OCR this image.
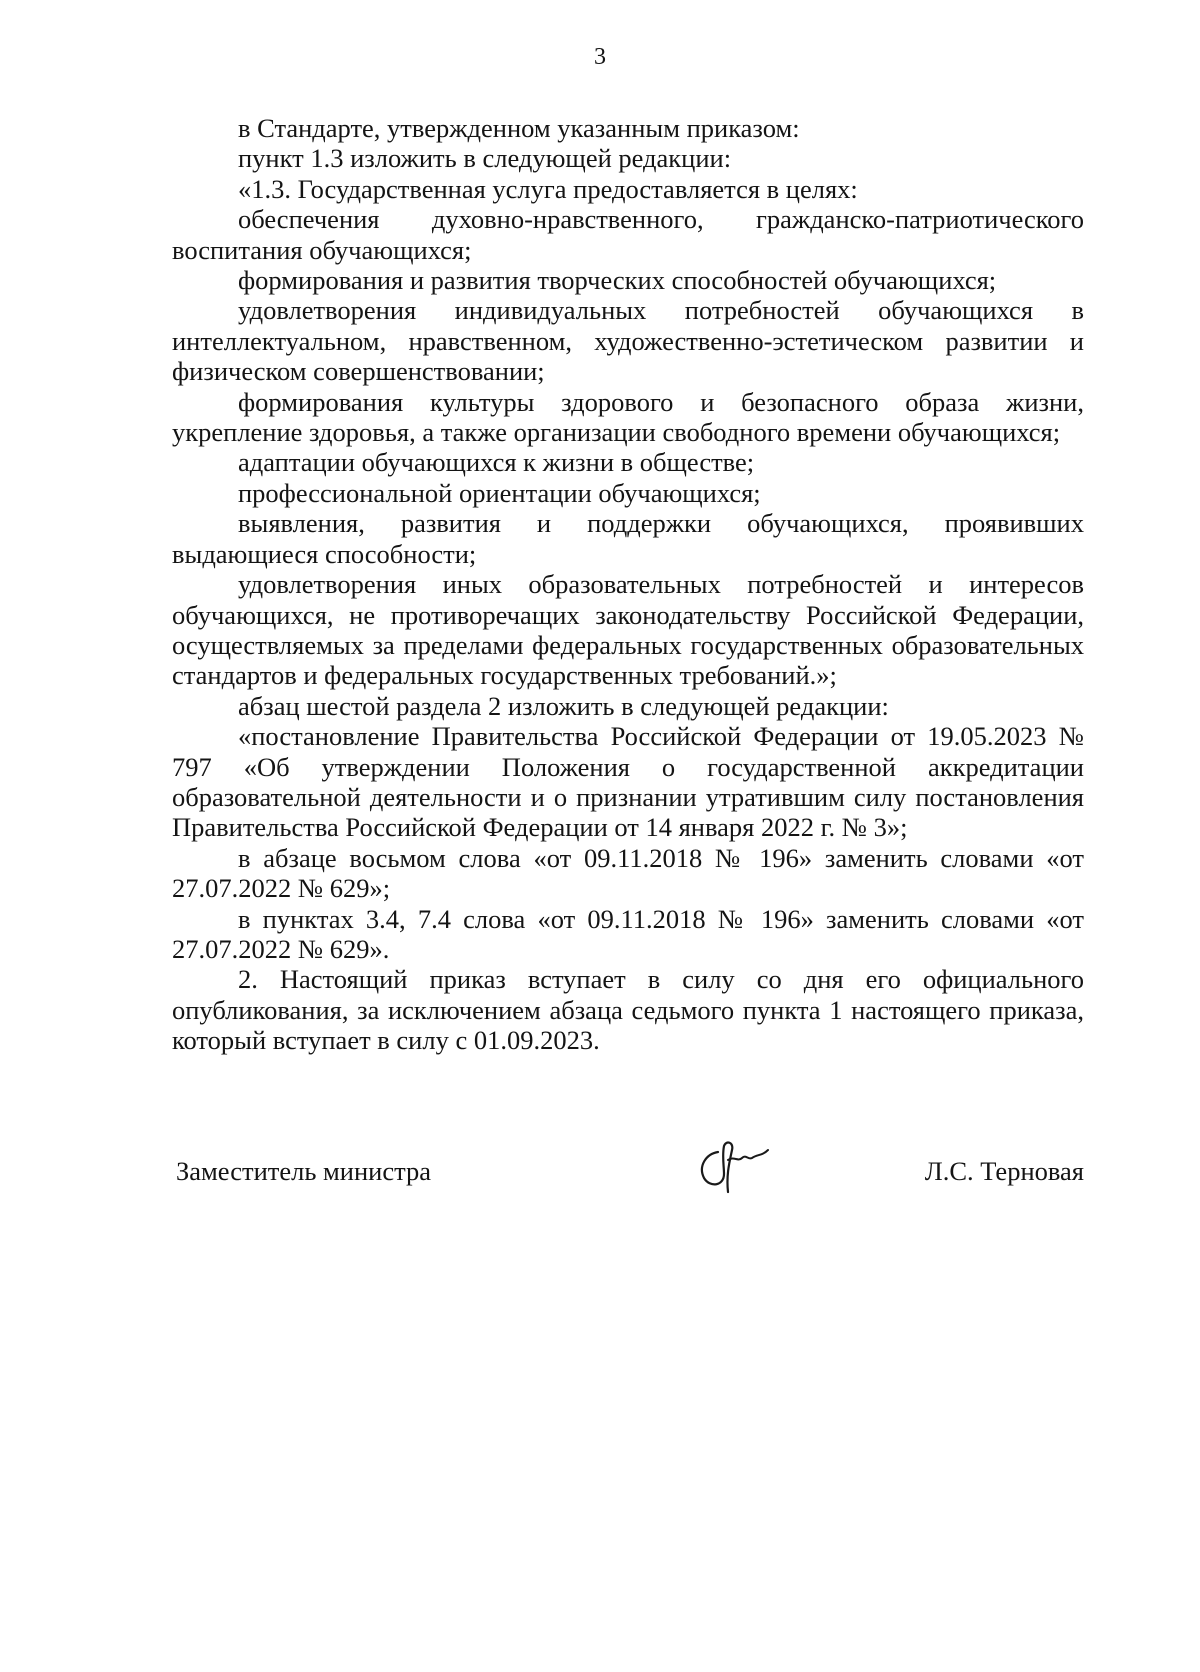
3

в Стандарте, утвержденном указанным приказом:

пункт 1.3 изложить в следующей редакции:

«1.3. Государственная услуга предоставляется в целях:

обеспечения духовно-нравственного, гражданско-патриотического воспитания обучающихся;

формирования и развития творческих способностей обучающихся;

удовлетворения индивидуальных потребностей обучающихся в интеллектуальном, нравственном, художественно-эстетическом развитии и физическом совершенствовании;

формирования культуры здорового и безопасного образа жизни, укрепление здоровья, а также организации свободного времени обучающихся;

адаптации обучающихся к жизни в обществе;

профессиональной ориентации обучающихся;

выявления, развития и поддержки обучающихся, проявивших выдающиеся способности;

удовлетворения иных образовательных потребностей и интересов обучающихся, не противоречащих законодательству Российской Федерации, осуществляемых за пределами федеральных государственных образовательных стандартов и федеральных государственных требований.»;

абзац шестой раздела 2 изложить в следующей редакции:

«постановление Правительства Российской Федерации от 19.05.2023 № 797 «Об утверждении Положения о государственной аккредитации образовательной деятельности и о признании утратившим силу постановления Правительства Российской Федерации от 14 января 2022 г. № 3»;

в абзаце восьмом слова «от 09.11.2018 № 196» заменить словами «от 27.07.2022 № 629»;

в пунктах 3.4, 7.4 слова «от 09.11.2018 № 196» заменить словами «от 27.07.2022 № 629».

2. Настоящий приказ вступает в силу со дня его официального опубликования, за исключением абзаца седьмого пункта 1 настоящего приказа, который вступает в силу с 01.09.2023.

Заместитель министра	Л.С. Терновая
